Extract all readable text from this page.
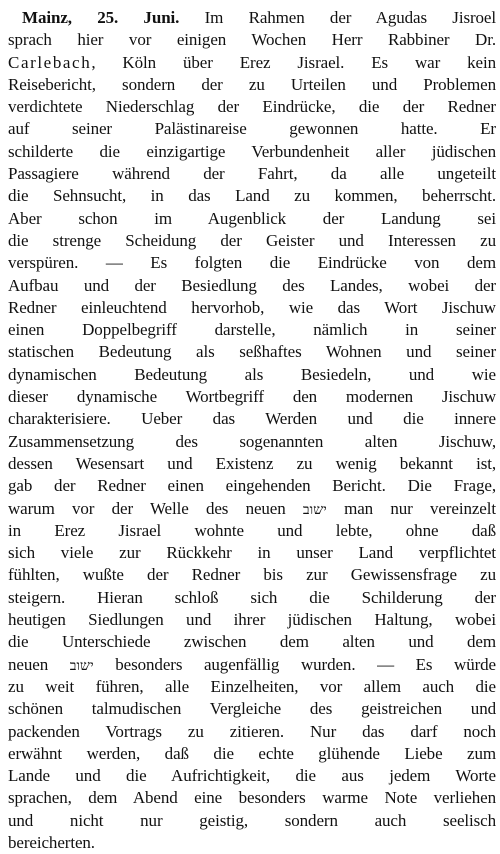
Mainz, 25. Juni. Im Rahmen der Agudas Jisroel
sprach hier vor einigen Wochen Herr Rabbiner Dr.
Carlebach, Köln über Erez Jisrael. Es war kein
Reisebericht, sondern der zu Urteilen und Problemen
verdichtete Niederschlag der Eindrücke, die der Redner
auf seiner Palästinareise gewonnen hatte. Er
schilderte die einzigartige Verbundenheit aller jüdischen
Passagiere während der Fahrt, da alle ungeteilt
die Sehnsucht, in das Land zu kommen, beherrscht.
Aber schon im Augenblick der Landung sei
die strenge Scheidung der Geister und Interessen zu
verspüren. — Es folgten die Eindrücke von dem
Aufbau und der Besiedlung des Landes, wobei der
Redner einleuchtend hervorhob, wie das Wort Jischuw
einen Doppelbegriff darstelle, nämlich in seiner
statischen Bedeutung als seßhaftes Wohnen und seiner
dynamischen Bedeutung als Besiedeln, und wie
dieser dynamische Wortbegriff den modernen Jischuw
charakterisiere. Ueber das Werden und die innere
Zusammensetzung des sogenannten alten Jischuw,
dessen Wesensart und Existenz zu wenig bekannt ist,
gab der Redner einen eingehenden Bericht. Die Frage,
warum vor der Welle des neuen ישוב man nur vereinzelt
in Erez Jisrael wohnte und lebte, ohne daß
sich viele zur Rückkehr in unser Land verpflichtet
fühlten, wußte der Redner bis zur Gewissensfrage zu
steigern. Hieran schloß sich die Schilderung der
heutigen Siedlungen und ihrer jüdischen Haltung, wobei
die Unterschiede zwischen dem alten und dem
neuen ישוב besonders augenfällig wurden. — Es würde
zu weit führen, alle Einzelheiten, vor allem auch die
schönen talmudischen Vergleiche des geistreichen und
packenden Vortrags zu zitieren. Nur das darf noch
erwähnt werden, daß die echte glühende Liebe zum
Lande und die Aufrichtigkeit, die aus jedem Worte
sprachen, dem Abend eine besonders warme Note verliehen
und nicht nur geistig, sondern auch seelisch
bereicherten.
